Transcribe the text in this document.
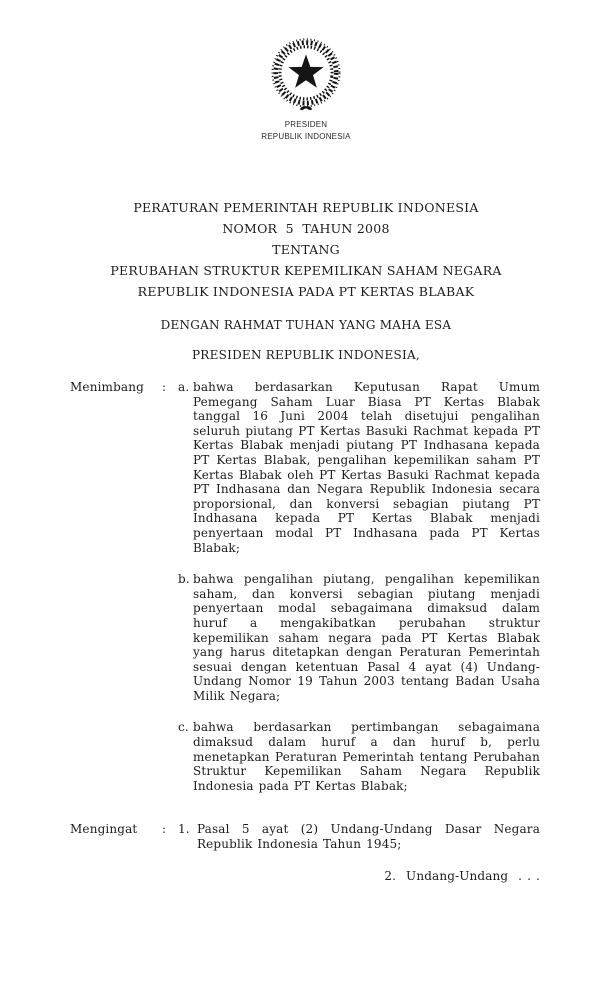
PRESIDEN
REPUBLIK INDONESIA
PERATURAN PEMERINTAH REPUBLIK INDONESIA
NOMOR  5  TAHUN 2008
TENTANG
PERUBAHAN STRUKTUR KEPEMILIKAN SAHAM NEGARA
REPUBLIK INDONESIA PADA PT KERTAS BLABAK
DENGAN RAHMAT TUHAN YANG MAHA ESA
PRESIDEN REPUBLIK INDONESIA,
Menimbang	: a. bahwa berdasarkan Keputusan Rapat Umum Pemegang Saham Luar Biasa PT Kertas Blabak tanggal 16 Juni 2004 telah disetujui pengalihan seluruh piutang PT Kertas Basuki Rachmat kepada PT Kertas Blabak menjadi piutang PT Indhasana kepada PT Kertas Blabak, pengalihan kepemilikan saham PT Kertas Blabak oleh PT Kertas Basuki Rachmat kepada PT Indhasana dan Negara Republik Indonesia secara proporsional, dan konversi sebagian piutang PT Indhasana kepada PT Kertas Blabak menjadi penyertaan modal PT Indhasana pada PT Kertas Blabak;

b. bahwa pengalihan piutang, pengalihan kepemilikan saham, dan konversi sebagian piutang menjadi penyertaan modal sebagaimana dimaksud dalam huruf a mengakibatkan perubahan struktur kepemilikan saham negara pada PT Kertas Blabak yang harus ditetapkan dengan Peraturan Pemerintah sesuai dengan ketentuan Pasal 4 ayat (4) Undang-Undang Nomor 19 Tahun 2003 tentang Badan Usaha Milik Negara;

c. bahwa berdasarkan pertimbangan sebagaimana dimaksud dalam huruf a dan huruf b, perlu menetapkan Peraturan Pemerintah tentang Perubahan Struktur Kepemilikan Saham Negara Republik Indonesia pada PT Kertas Blabak;

Mengingat	: 1. Pasal 5 ayat (2) Undang-Undang Dasar Negara Republik Indonesia Tahun 1945;

2.  Undang-Undang  . . .
